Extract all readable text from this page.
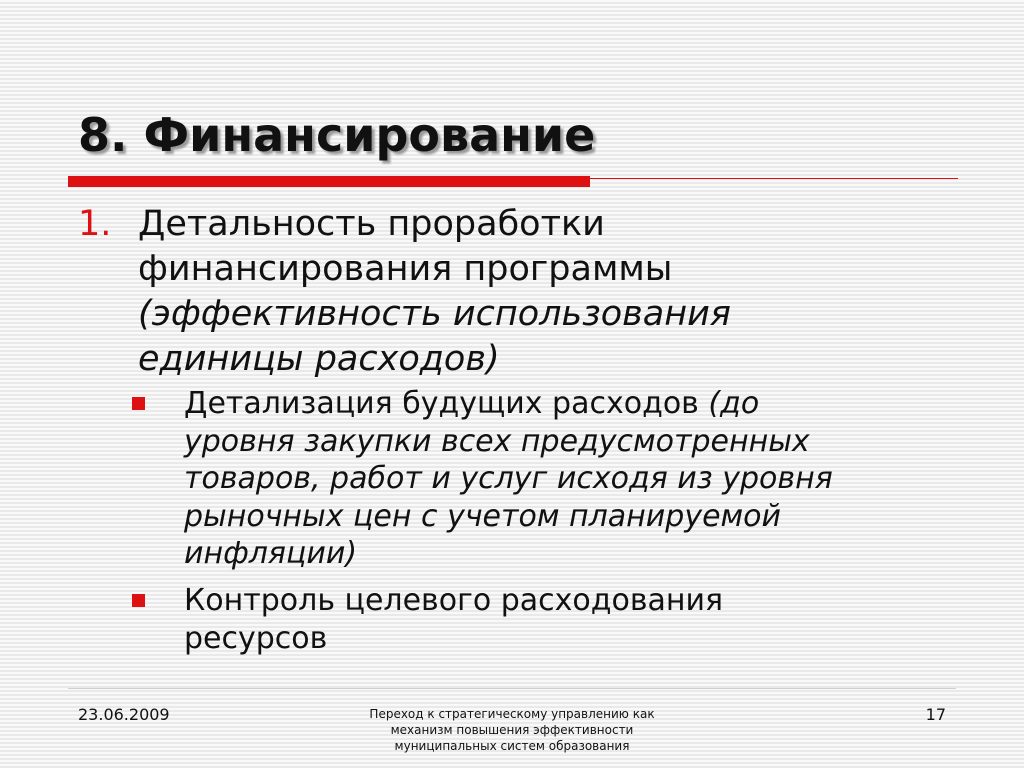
8. Финансирование
1. Детальность проработки
финансирования программы
(эффективность использования
единицы расходов)
Детализация будущих расходов (до
уровня закупки всех предусмотренных
товаров, работ и услуг исходя из уровня
рыночных цен с учетом планируемой
инфляции)
Контроль целевого расходования
ресурсов
23.06.2009	Переход к стратегическому управлению как
механизм повышения эффективности
муниципальных систем образования
17
